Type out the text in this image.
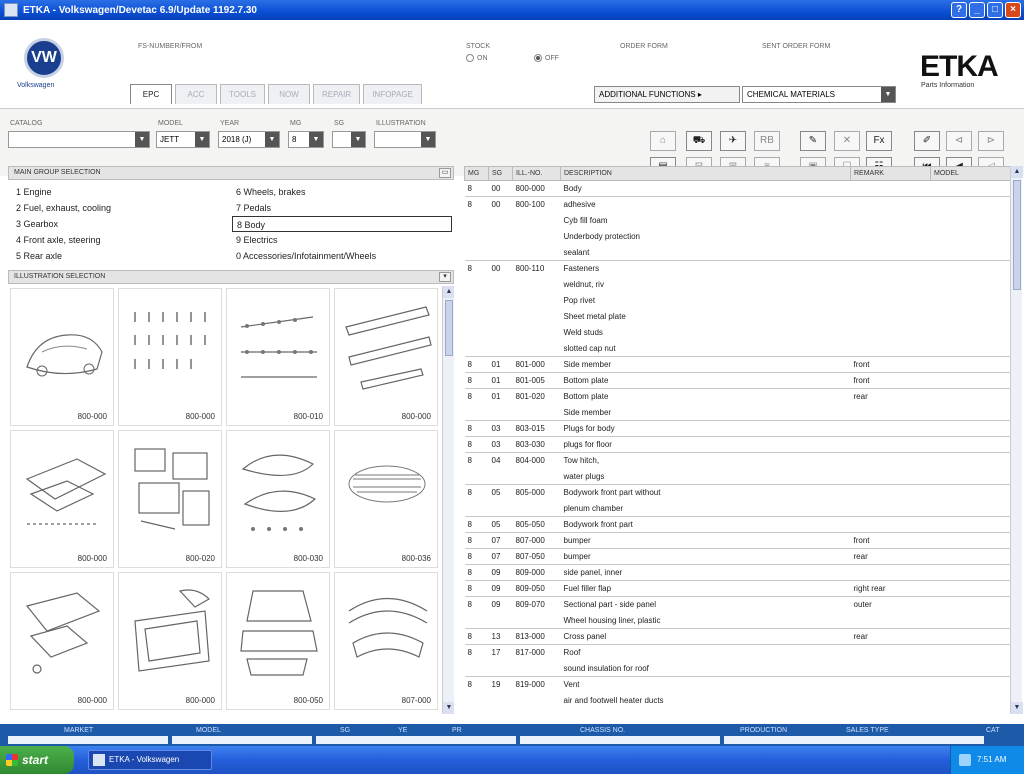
ETKA - Volkswagen/Devetac 6.9/Update 1192.7.30	?	_	□	×
VW
Volkswagen
FS-NUMBER/FROM	STOCK
ON	OFF
ORDER FORM	SENT ORDER FORM
ETKA
Parts Information
EPC	ACC	TOOLS	NOW	REPAIR	INFOPAGE	ADDITIONAL FUNCTIONS ▸	CHEMICAL MATERIALS	▼
CATALOG
▼
MODEL
JETT	▼
YEAR
2018 (J)	▼
MG
8	▼
SG
▼
ILLUSTRATION
▼	⌂	⛟	✈	RB	✎	✕	Fx	✐	⊲	⊳
MAIN GROUP SELECTION	▭
1 Engine
2 Fuel, exhaust, cooling
3 Gearbox
4 Front axle, steering
5 Rear axle
6 Wheels, brakes
7 Pedals
8 Body
9 Electrics
0 Accessories/Infotainment/Wheels
ILLUSTRATION SELECTION	▾
800-000	800-000	800-010	800-000
800-000	800-020	800-030	800-036
800-000	800-000	800-050	807-000
▲
▼
MG	SG	ILL.-NO.	DESCRIPTION	REMARK	MODEL
8	00	800-000	Body		
8	00	800-100	adhesive		
			Cyb fill foam		
			Underbody protection		
			sealant		
8	00	800-110	Fasteners		
			weldnut, riv		
			Pop rivet		
			Sheet metal plate		
			Weld studs		
			slotted cap nut		
8	01	801-000	Side member	front	
8	01	801-005	Bottom plate	front	
8	01	801-020	Bottom plate	rear	
			Side member		
8	03	803-015	Plugs for body		
8	03	803-030	plugs for floor		
8	04	804-000	Tow hitch,		
			water plugs		
8	05	805-000	Bodywork front part without		
			plenum chamber		
8	05	805-050	Bodywork front part		
8	07	807-000	bumper	front	
8	07	807-050	bumper	rear	
8	09	809-000	side panel, inner		
8	09	809-050	Fuel filler flap	right rear	
8	09	809-070	Sectional part - side panel	outer	
			Wheel housing liner, plastic		
8	13	813-000	Cross panel	rear	
8	17	817-000	Roof		
			sound insulation for roof		
8	19	819-000	Vent		
			air and footwell heater ducts		
▲
▼
MARKET	MODEL	SG	YE	PR	CHASSIS NO.	PRODUCTION	SALES TYPE	CAT
start	ETKA - Volkswagen	7:51 AM
